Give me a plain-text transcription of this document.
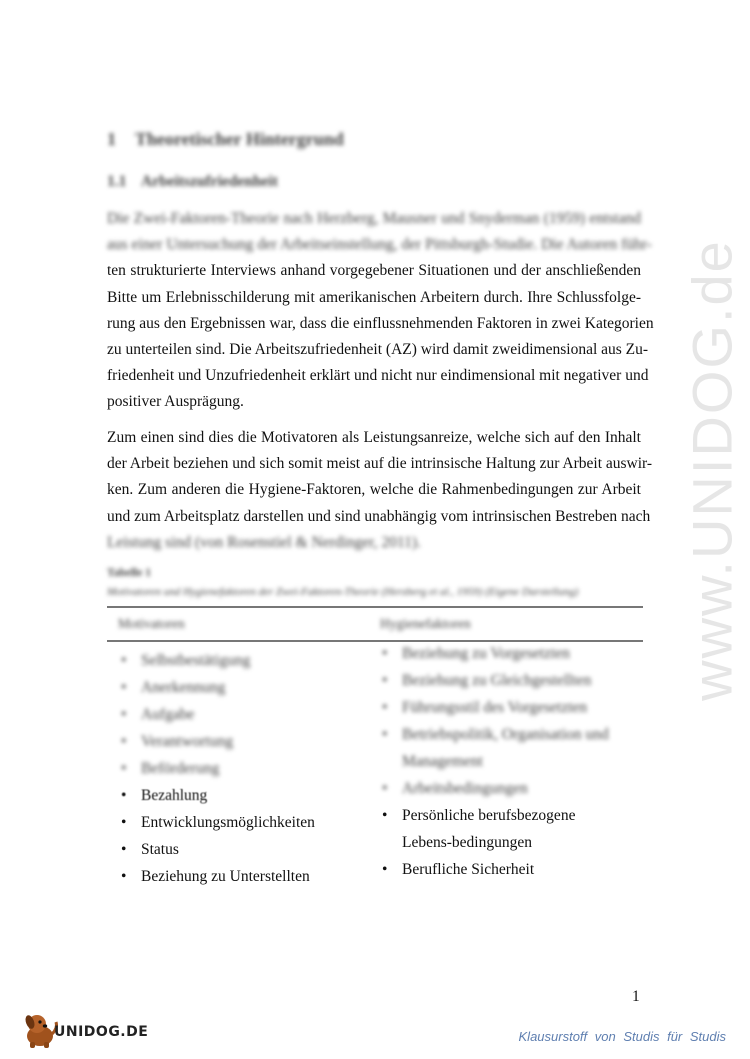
www.UNIDOG.de
1 Theoretischer Hintergrund
1.1 Arbeitszufriedenheit
Die Zwei-Faktoren-Theorie nach Herzberg, Mausner und Snyderman (1959) entstand
aus einer Untersuchung der Arbeitseinstellung, der Pittsburgh-Studie. Die Autoren führ-
ten strukturierte Interviews anhand vorgegebener Situationen und der anschließenden
Bitte um Erlebnisschilderung mit amerikanischen Arbeitern durch. Ihre Schlussfolge-
rung aus den Ergebnissen war, dass die einflussnehmenden Faktoren in zwei Kategorien
zu unterteilen sind. Die Arbeitszufriedenheit (AZ) wird damit zweidimensional aus Zu-
friedenheit und Unzufriedenheit erklärt und nicht nur eindimensional mit negativer und
positiver Ausprägung.
Zum einen sind dies die Motivatoren als Leistungsanreize, welche sich auf den Inhalt
der Arbeit beziehen und sich somit meist auf die intrinsische Haltung zur Arbeit auswir-
ken. Zum anderen die Hygiene-Faktoren, welche die Rahmenbedingungen zur Arbeit
und zum Arbeitsplatz darstellen und sind unabhängig vom intrinsischen Bestreben nach
Leistung sind (von Rosenstiel & Nerdinger, 2011).
Tabelle 1
Motivatoren und Hygienefaktoren der Zwei-Faktoren-Theorie (Herzberg et al., 1959) (Eigene Darstellung)
Motivatoren	Hygienefaktoren
• Selbstbestätigung
• Anerkennung
• Aufgabe
• Verantwortung
• Beförderung
• Bezahlung
• Entwicklungsmöglichkeiten
• Status
• Beziehung zu Unterstellten
• Beziehung zu Vorgesetzten
• Beziehung zu Gleichgestellten
• Führungsstil des Vorgesetzten
• Betriebspolitik, Organisation und Management
• Arbeitsbedingungen
• Persönliche berufsbezogene Lebens-bedingungen
• Berufliche Sicherheit
1
UNIDOG.DE	Klausurstoff von Studis für Studis
